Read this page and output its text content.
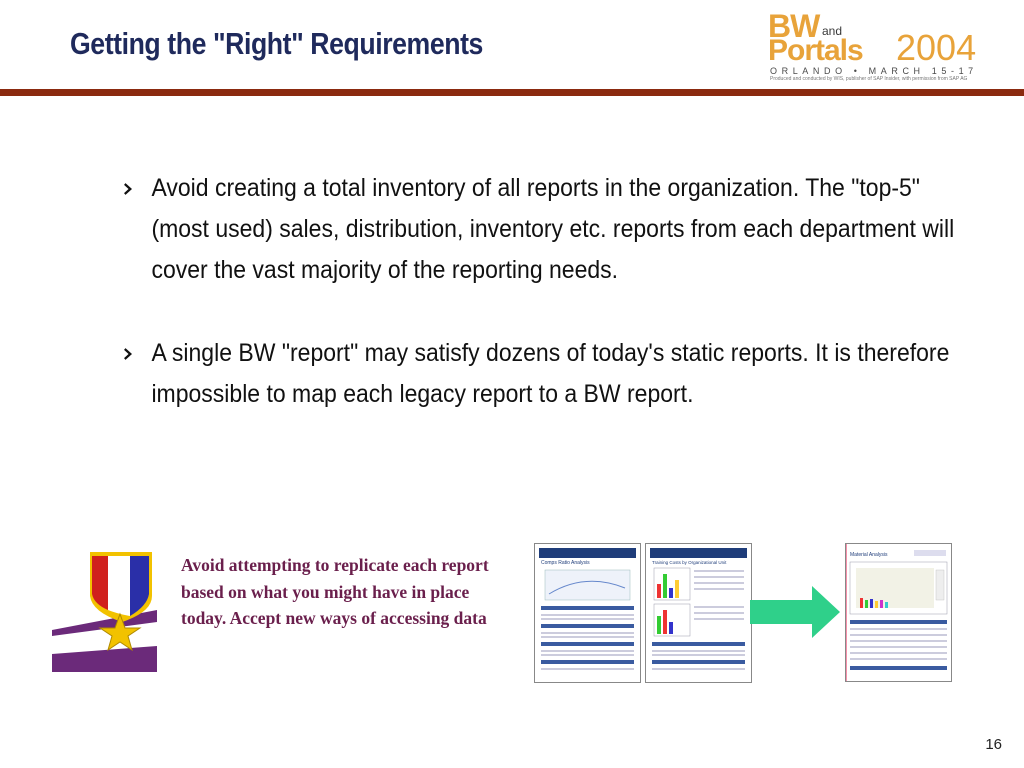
Getting the "Right" Requirements	BW and
Portals 2004
ORLANDO • MARCH 15-17
Produced and conducted by WIS, publisher of SAP Insider, with permission from SAP AG
Avoid creating a total inventory of all reports in the organization. The "top-5" (most used) sales, distribution, inventory etc. reports from each department will cover the vast majority of the reporting needs.
A single BW "report" may satisfy dozens of today's static reports. It is therefore impossible to map each legacy report to a BW report.
Avoid attempting to replicate each report based on what you might have in place today. Accept new ways of accessing data
Comps Ratio Analysis	Training Costs by Organizational Unit
Material Analysis
16
